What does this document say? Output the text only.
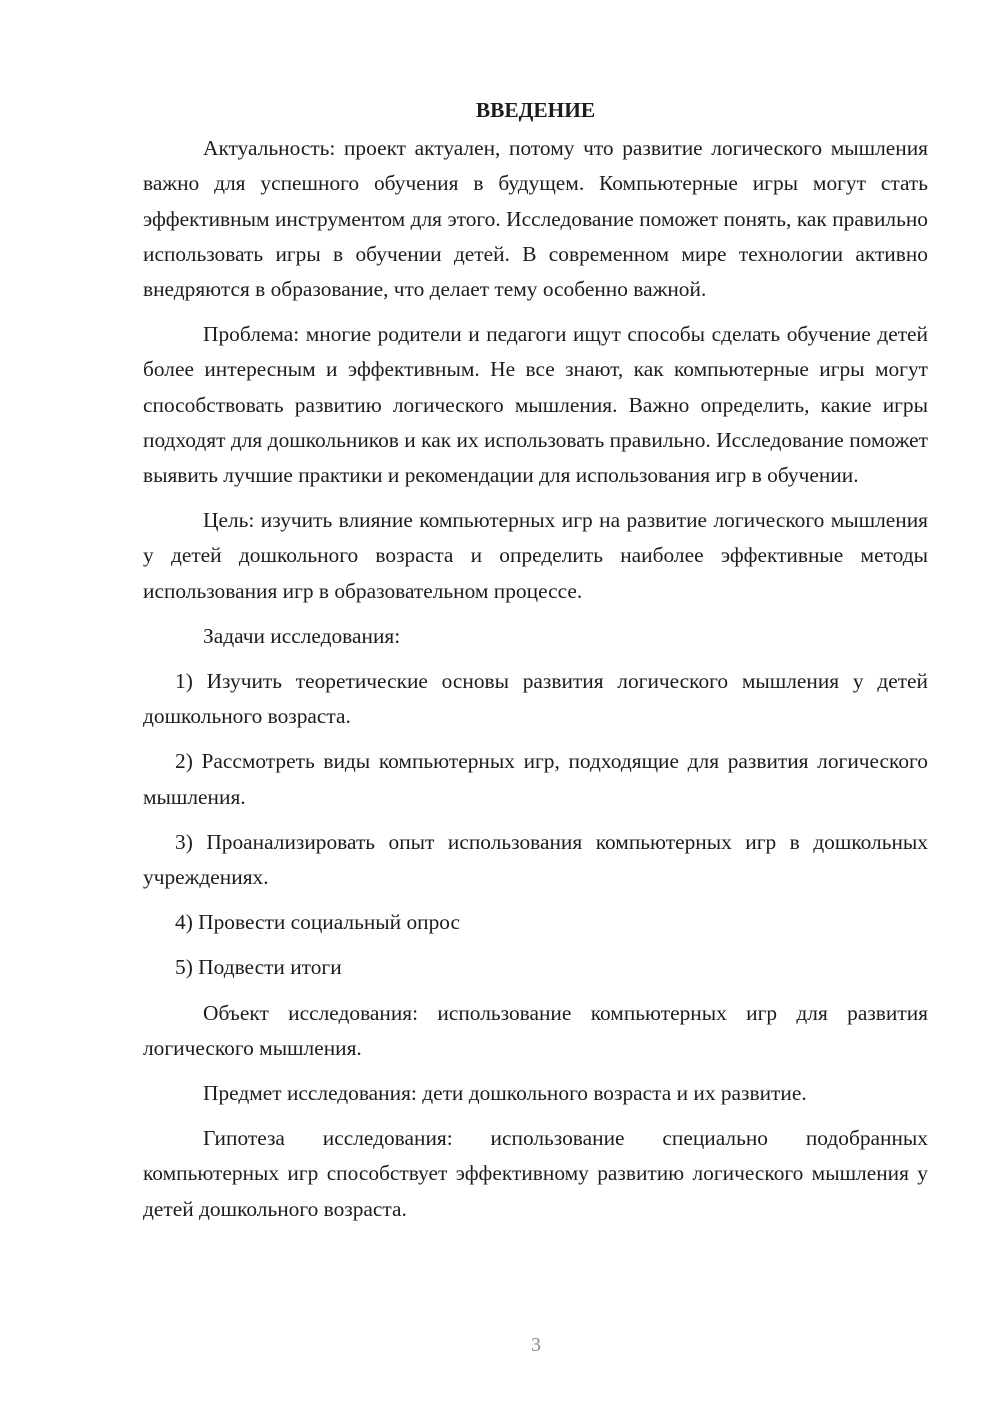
ВВЕДЕНИЕ

Актуальность: проект актуален, потому что развитие логического мышления важно для успешного обучения в будущем. Компьютерные игры могут стать эффективным инструментом для этого. Исследование поможет понять, как правильно использовать игры в обучении детей. В современном мире технологии активно внедряются в образование, что делает тему особенно важной.

Проблема: многие родители и педагоги ищут способы сделать обучение детей более интересным и эффективным. Не все знают, как компьютерные игры могут способствовать развитию логического мышления. Важно определить, какие игры подходят для дошкольников и как их использовать правильно. Исследование поможет выявить лучшие практики и рекомендации для использования игр в обучении.

Цель: изучить влияние компьютерных игр на развитие логического мышления у детей дошкольного возраста и определить наиболее эффективные методы использования игр в образовательном процессе.

Задачи исследования:

1) Изучить теоретические основы развития логического мышления у детей дошкольного возраста.

2) Рассмотреть виды компьютерных игр, подходящие для развития логического мышления.

3) Проанализировать опыт использования компьютерных игр в дошкольных учреждениях.

4) Провести социальный опрос

5) Подвести итоги

Объект исследования: использование компьютерных игр для развития логического мышления.

Предмет исследования: дети дошкольного возраста и их развитие.

Гипотеза исследования: использование специально подобранных компьютерных игр способствует эффективному развитию логического мышления у детей дошкольного возраста.

3
